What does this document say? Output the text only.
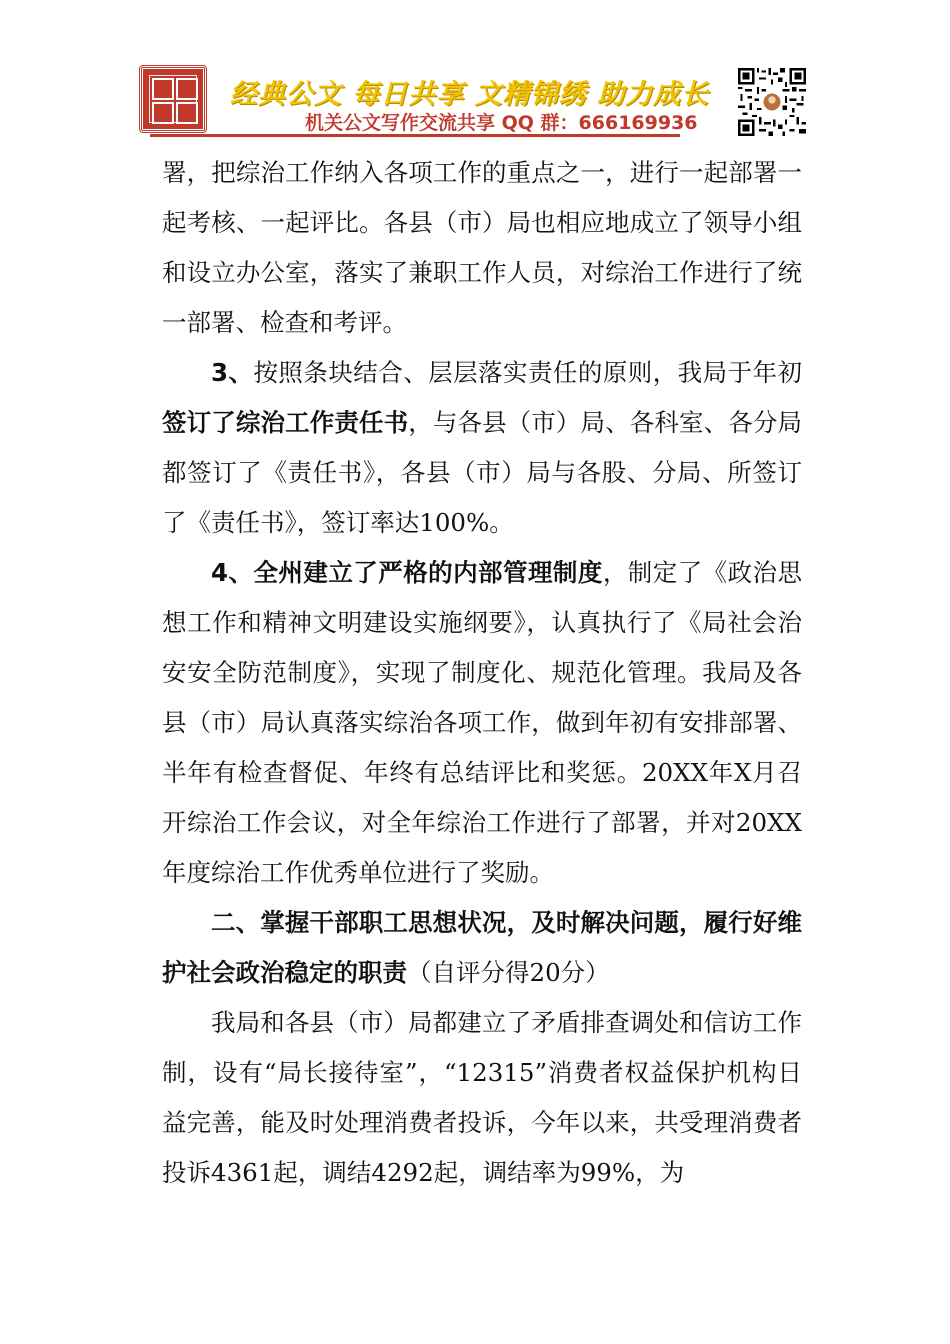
经典公文 每日共享 文精锦绣 助力成长
机关公文写作交流共享 QQ 群：666169936

署，把综治工作纳入各项工作的重点之一，进行一起部署一起考核、一起评比。各县（市）局也相应地成立了领导小组和设立办公室，落实了兼职工作人员，对综治工作进行了统一部署、检查和考评。

3、按照条块结合、层层落实责任的原则，我局于年初签订了综治工作责任书，与各县（市）局、各科室、各分局都签订了《责任书》，各县（市）局与各股、分局、所签订了《责任书》，签订率达100%。

4、全州建立了严格的内部管理制度，制定了《政治思想工作和精神文明建设实施纲要》，认真执行了《局社会治安安全防范制度》，实现了制度化、规范化管理。我局及各县（市）局认真落实综治各项工作，做到年初有安排部署、半年有检查督促、年终有总结评比和奖惩。20XX年X月召开综治工作会议，对全年综治工作进行了部署，并对20XX年度综治工作优秀单位进行了奖励。

二、掌握干部职工思想状况，及时解决问题，履行好维护社会政治稳定的职责（自评分得20分）

我局和各县（市）局都建立了矛盾排查调处和信访工作制，设有“局长接待室”，“12315”消费者权益保护机构日益完善，能及时处理消费者投诉，今年以来，共受理消费者投诉4361起，调结4292起，调结率为99%，为
